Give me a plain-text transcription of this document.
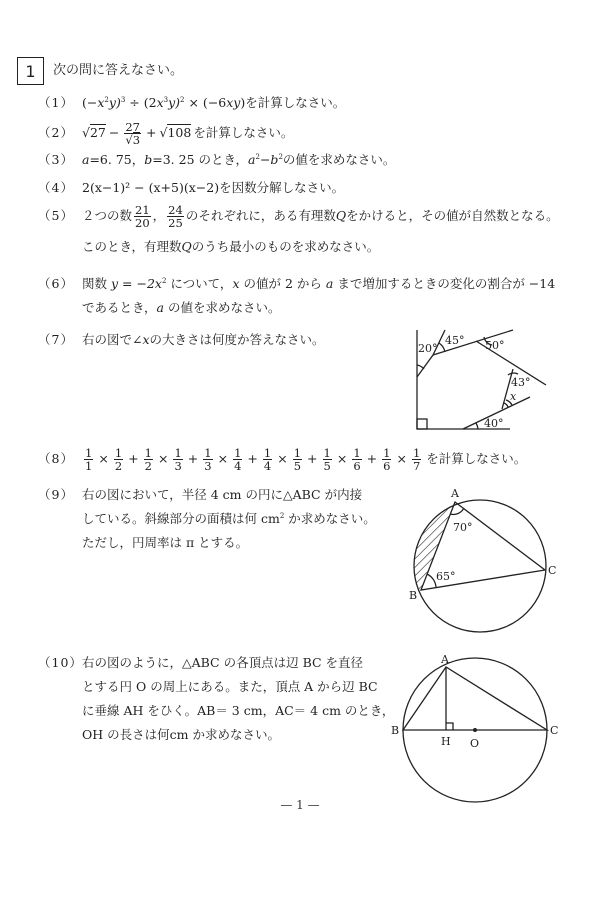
1	次の問に答えなさい。
（1） $(-x^2y)^3 \div (2x^3y)^2 \times (-6xy)$を計算しなさい。
（2） $√27 - \frac{27}{√3} + √108$ を計算しなさい。
（3） a=6. 75，b=3. 25 のとき，$a^2-b^2$の値を求めなさい。
（4） 2(x−1)² − (x+5)(x−2)を因数分解しなさい。
（5） ２つの数 $\frac{21}{20}$ ， $\frac{24}{25}$ のそれぞれに，ある有理数 Q をかけると，その値が自然数となる。
このとき，有理数Qのうち最小のものを求めなさい。
（6） 関数 $y = -2x^2$ について，x の値が 2 から a まで増加するときの変化の割合が −14
であるとき，a の値を求めなさい。
（7） 右の図で∠xの大きさは何度か答えなさい。
20°
45° 50°
43°
x
40°
$(8) \frac{1}{1} \times \frac{1}{2} + \frac{1}{2} \times \frac{1}{3} + \frac{1}{3} \times \frac{1}{4} + \frac{1}{4} \times \frac{1}{5} + \frac{1}{5} \times \frac{1}{6} + \frac{1}{6} \times \frac{1}{7}$ を計算しなさい。
（9） 右の図において，半径 4 cm の円に△ABC が内接
している。斜線部分の面積は何 $cm^2$ か求めなさい。
ただし，円周率は π とする。
A
B
C
70°
65°
（10）右の図のように，△ABC の各頂点は辺 BC を直径
とする円 O の周上にある。また，頂点 A から辺 BC
に垂線 AH をひく。AB＝ 3 cm，AC＝ 4 cm のとき，
OH の長さは何cm か求めなさい。
A
B	C
H O
— 1 —
